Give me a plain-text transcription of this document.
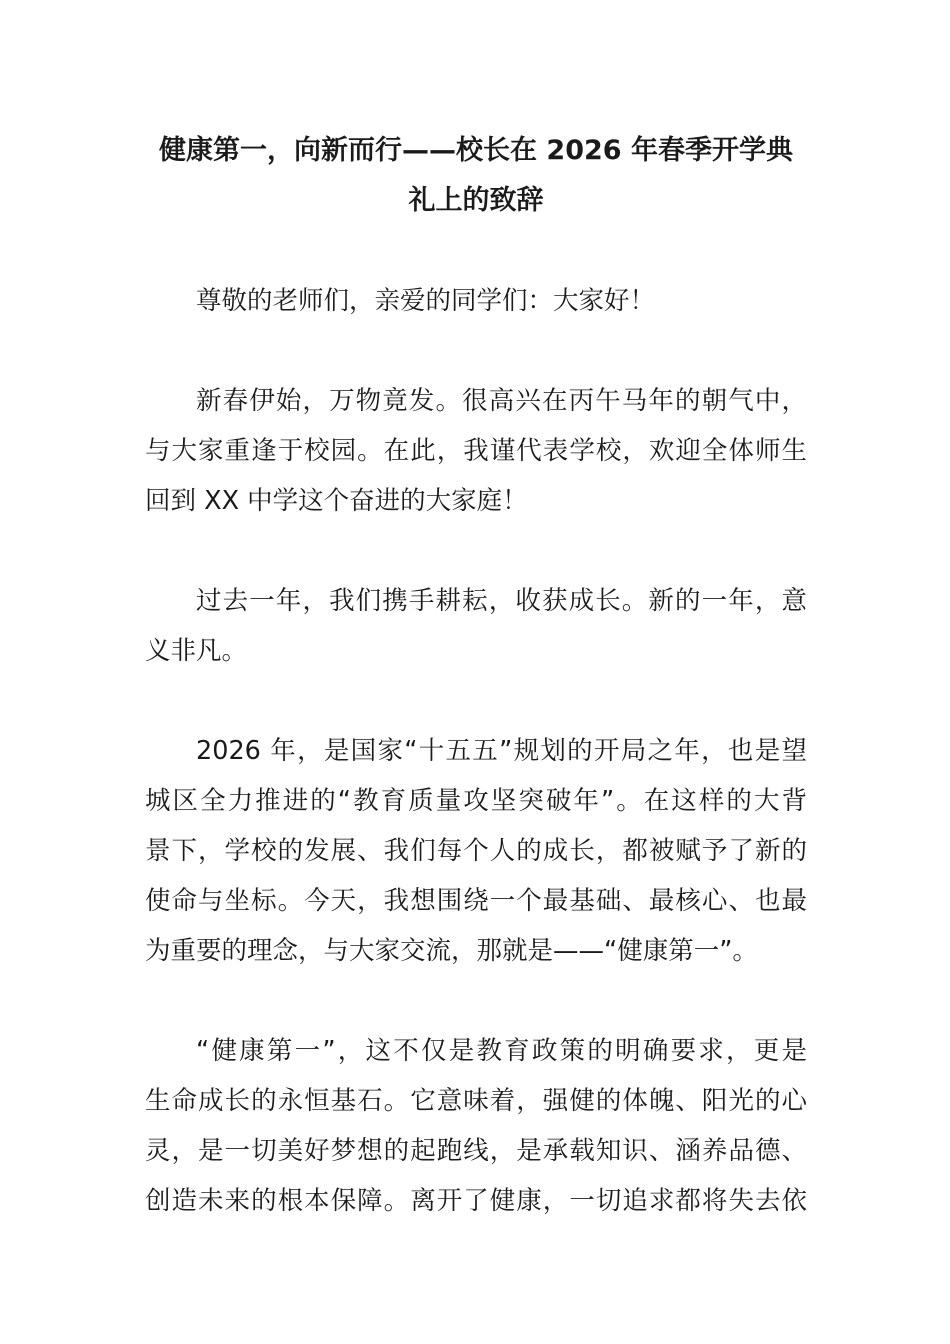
健康第一，向新而行——校长在 2026 年春季开学典
礼上的致辞
尊敬的老师们，亲爱的同学们：大家好！
新春伊始，万物竟发。很高兴在丙午马年的朝气中，
与大家重逢于校园。在此，我谨代表学校，欢迎全体师生
回到 XX 中学这个奋进的大家庭！
过去一年，我们携手耕耘，收获成长。新的一年，意
义非凡。
2026 年，是国家“十五五”规划的开局之年，也是望
城区全力推进的“教育质量攻坚突破年”。在这样的大背
景下，学校的发展、我们每个人的成长，都被赋予了新的
使命与坐标。今天，我想围绕一个最基础、最核心、也最
为重要的理念，与大家交流，那就是——“健康第一”。
“健康第一”，这不仅是教育政策的明确要求，更是
生命成长的永恒基石。它意味着，强健的体魄、阳光的心
灵，是一切美好梦想的起跑线，是承载知识、涵养品德、
创造未来的根本保障。离开了健康，一切追求都将失去依
